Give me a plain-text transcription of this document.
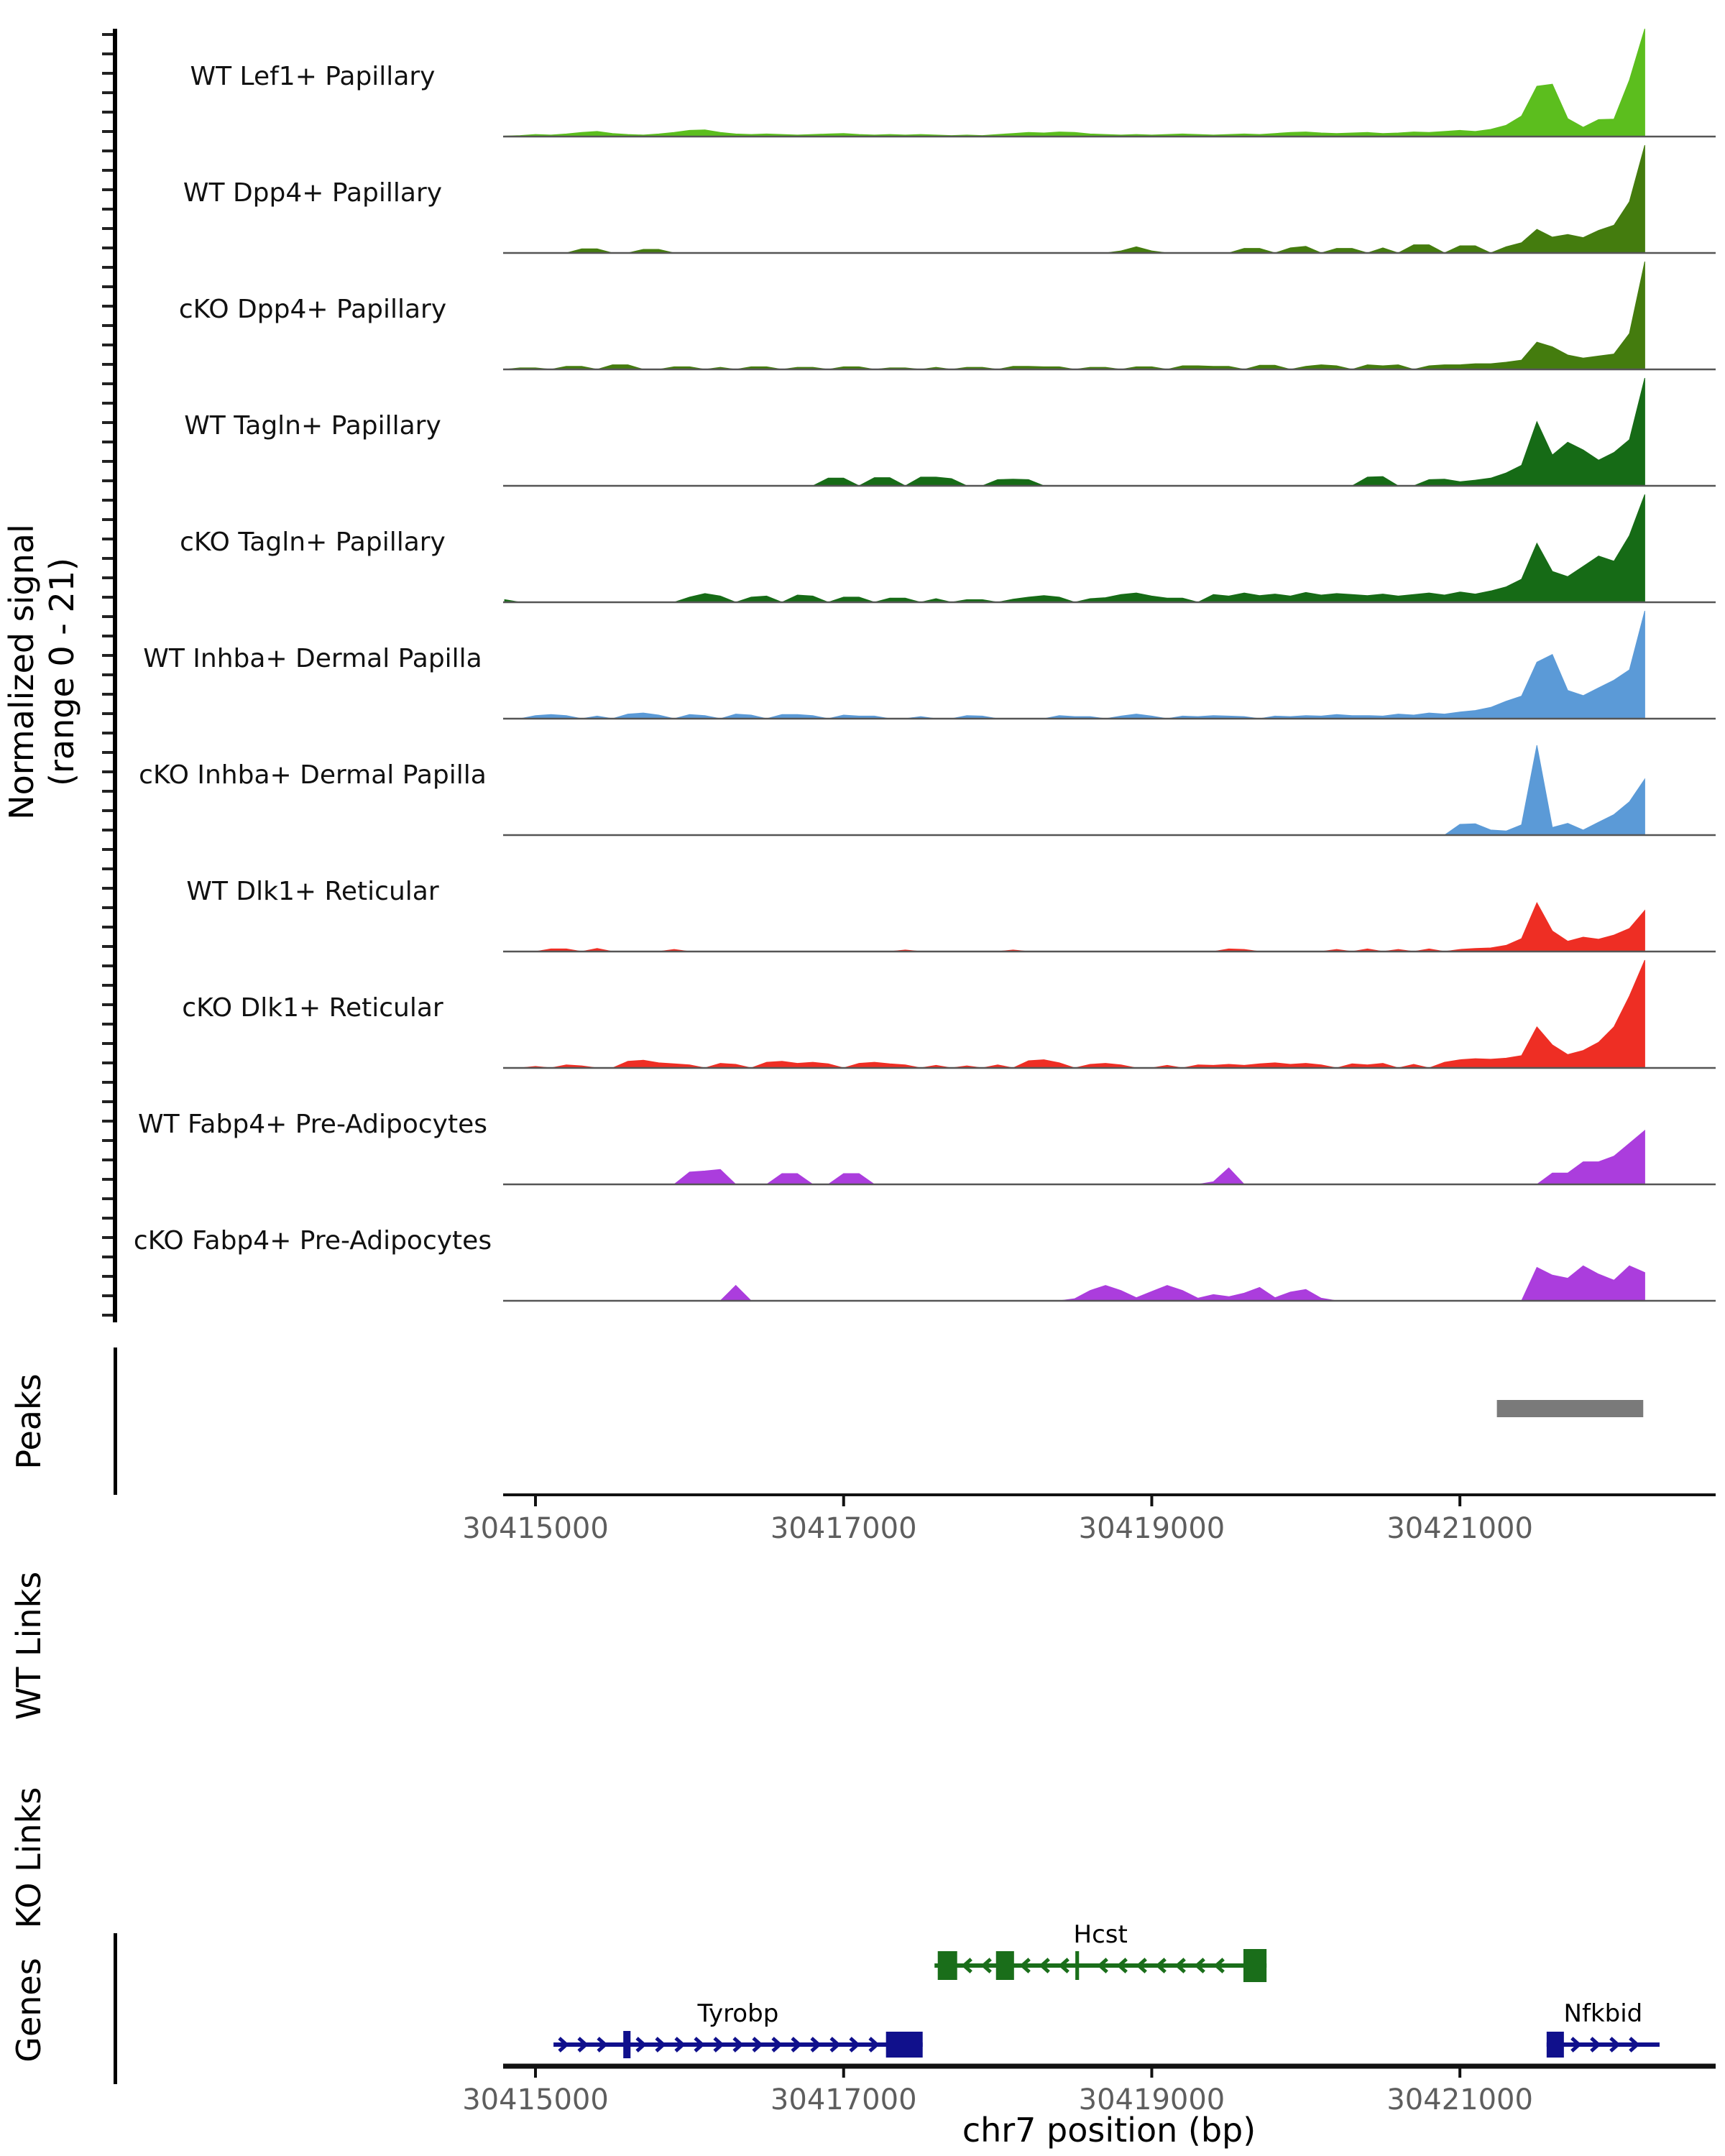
WT Lef1+ Papillary
WT Dpp4+ Papillary
cKO Dpp4+ Papillary
WT Tagln+ Papillary
cKO Tagln+ Papillary
WT Inhba+ Dermal Papilla
cKO Inhba+ Dermal Papilla
WT Dlk1+ Reticular
cKO Dlk1+ Reticular
WT Fabp4+ Pre-Adipocytes
cKO Fabp4+ Pre-Adipocytes
30415000	30417000	30419000	30421000
Hcst
Tyrobp	Nfkbid
30415000	30417000	30419000	30421000
Normalized signal (range 0 - 21)
Peaks
WT Links
KO Links
Genes
chr7 position (bp)
